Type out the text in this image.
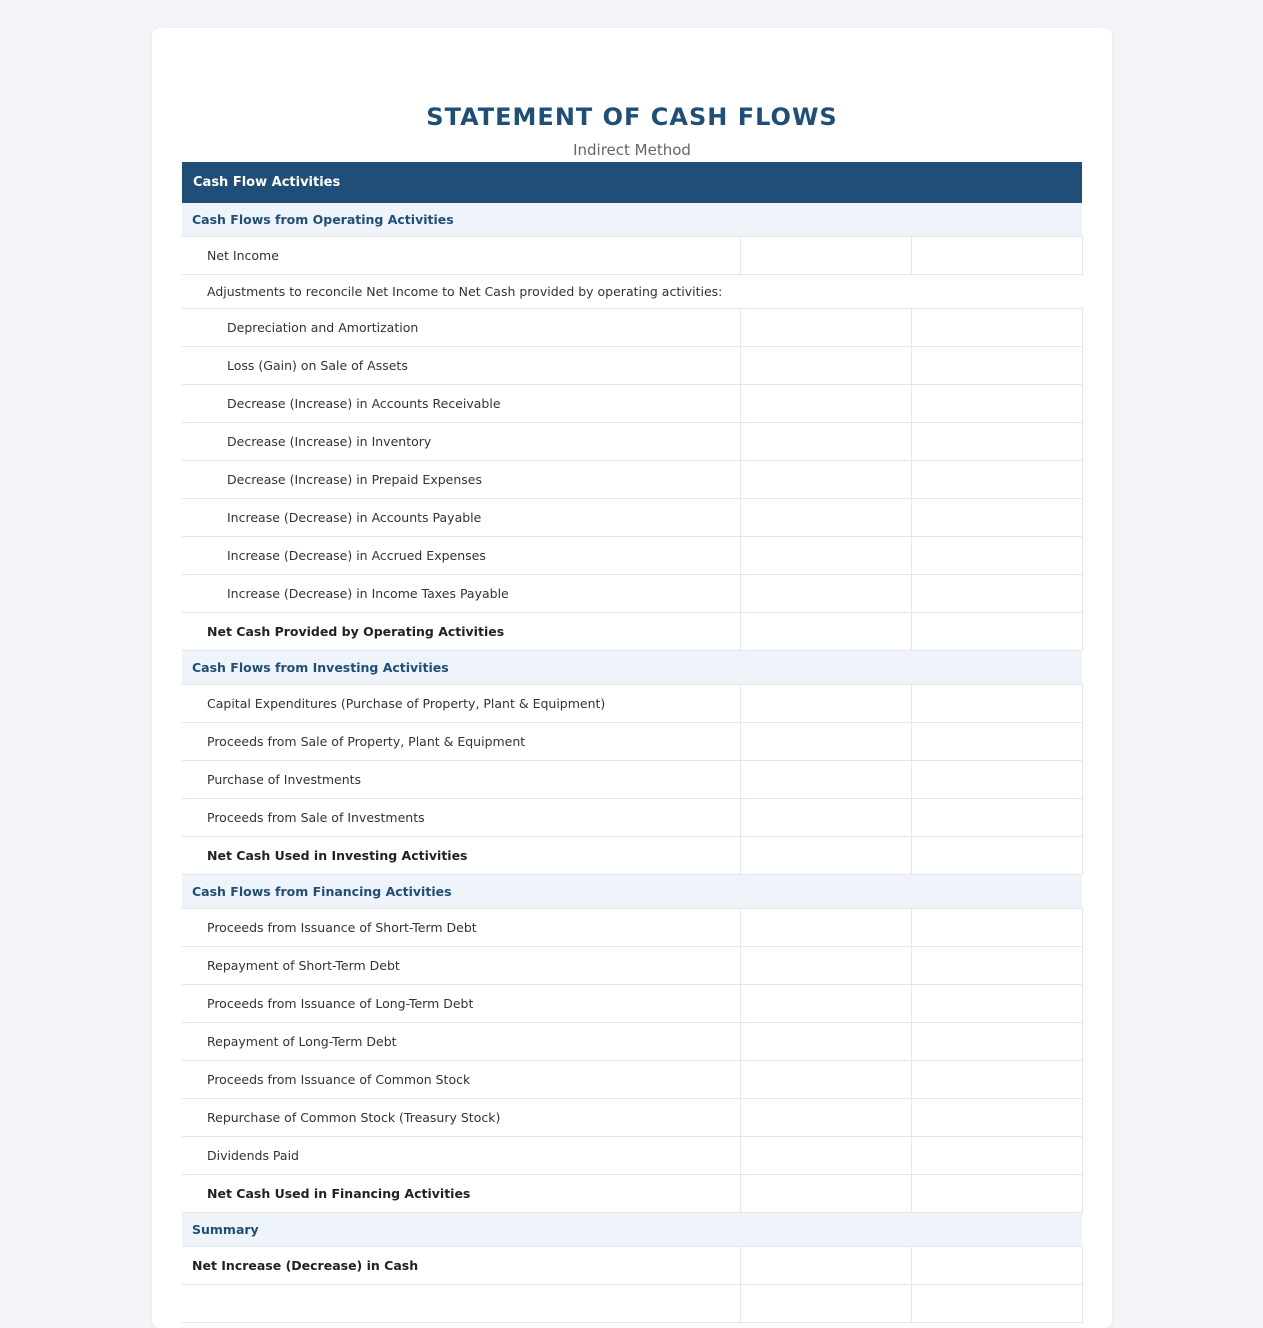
STATEMENT OF CASH FLOWS
Indirect Method
Cash Flow Activities		
Cash Flows from Operating Activities		
Net Income		
Adjustments to reconcile Net Income to Net Cash provided by operating activities:		
Depreciation and Amortization		
Loss (Gain) on Sale of Assets		
Decrease (Increase) in Accounts Receivable		
Decrease (Increase) in Inventory		
Decrease (Increase) in Prepaid Expenses		
Increase (Decrease) in Accounts Payable		
Increase (Decrease) in Accrued Expenses		
Increase (Decrease) in Income Taxes Payable		
Net Cash Provided by Operating Activities		
Cash Flows from Investing Activities		
Capital Expenditures (Purchase of Property, Plant & Equipment)		
Proceeds from Sale of Property, Plant & Equipment		
Purchase of Investments		
Proceeds from Sale of Investments		
Net Cash Used in Investing Activities		
Cash Flows from Financing Activities		
Proceeds from Issuance of Short-Term Debt		
Repayment of Short-Term Debt		
Proceeds from Issuance of Long-Term Debt		
Repayment of Long-Term Debt		
Proceeds from Issuance of Common Stock		
Repurchase of Common Stock (Treasury Stock)		
Dividends Paid		
Net Cash Used in Financing Activities		
Summary		
Net Increase (Decrease) in Cash		
